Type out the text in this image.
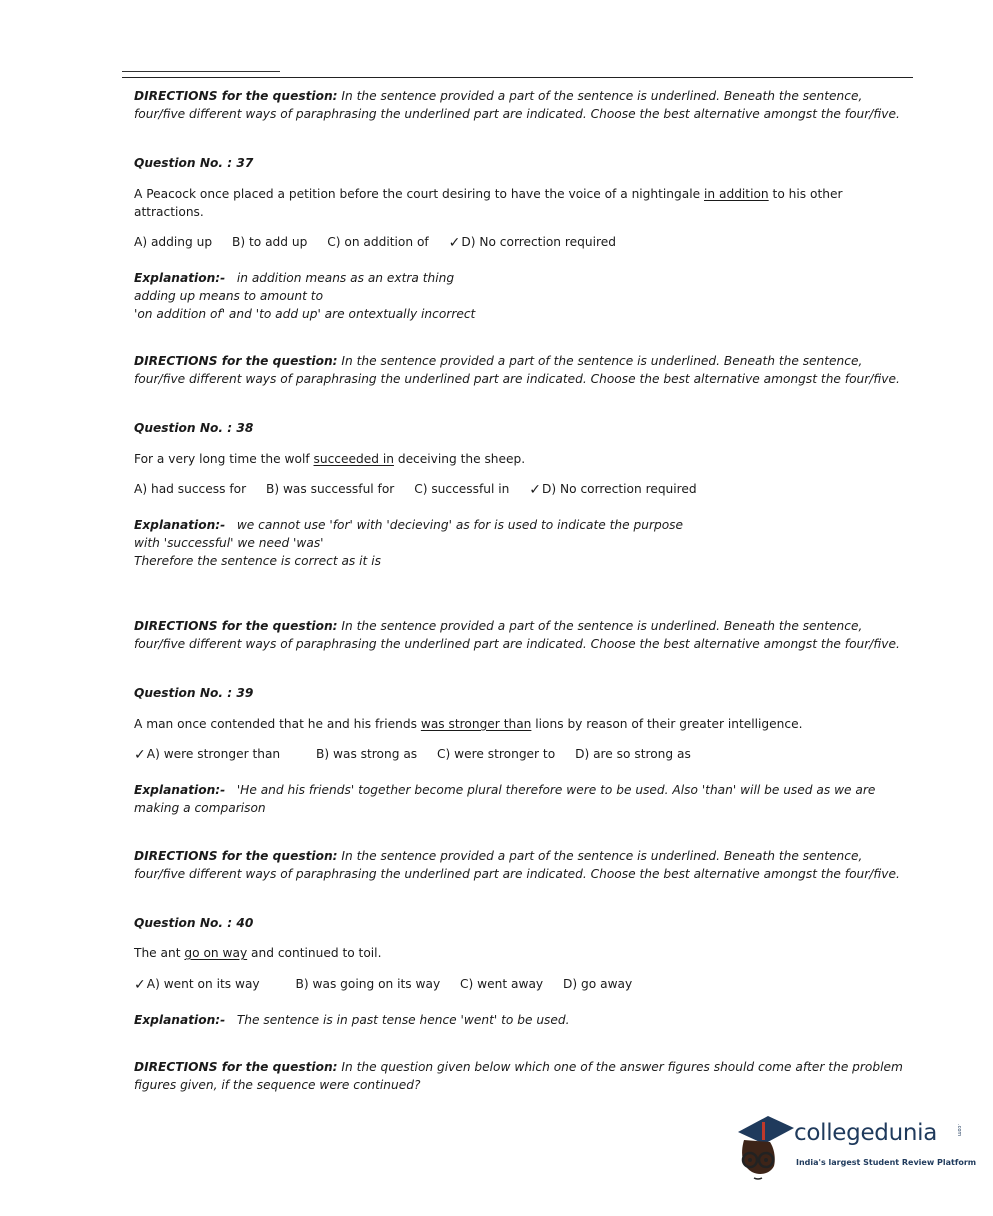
DIRECTIONS for the question: In the sentence provided a part of the sentence is underlined. Beneath the sentence, four/five different ways of paraphrasing the underlined part are indicated. Choose the best alternative amongst the four/five.

Question No. : 37

A Peacock once placed a petition before the court desiring to have the voice of a nightingale in addition to his other attractions.

A) adding up B) to add up C) on addition of ✓D) No correction required

Explanation:- in addition means as an extra thing
adding up means to amount to
'on addition of' and 'to add up' are ontextually incorrect

DIRECTIONS for the question: In the sentence provided a part of the sentence is underlined. Beneath the sentence, four/five different ways of paraphrasing the underlined part are indicated. Choose the best alternative amongst the four/five.

Question No. : 38

For a very long time the wolf succeeded in deceiving the sheep.

A) had success for B) was successful for C) successful in ✓D) No correction required

Explanation:- we cannot use 'for' with 'decieving' as for is used to indicate the purpose
with 'successful' we need 'was'
Therefore the sentence is correct as it is

DIRECTIONS for the question: In the sentence provided a part of the sentence is underlined. Beneath the sentence, four/five different ways of paraphrasing the underlined part are indicated. Choose the best alternative amongst the four/five.

Question No. : 39

A man once contended that he and his friends was stronger than lions by reason of their greater intelligence.

✓A) were stronger than	B) was strong as C) were stronger to D) are so strong as

Explanation:- 'He and his friends' together become plural therefore were to be used. Also 'than' will be used as we are making a comparison

DIRECTIONS for the question: In the sentence provided a part of the sentence is underlined. Beneath the sentence, four/five different ways of paraphrasing the underlined part are indicated. Choose the best alternative amongst the four/five.

Question No. : 40

The ant go on way and continued to toil.

✓A) went on its way	B) was going on its way C) went away D) go away

Explanation:- The sentence is in past tense hence 'went' to be used.

DIRECTIONS for the question: In the question given below which one of the answer figures should come after the problem figures given, if the sequence were continued?

collegedunia	.com
India's largest Student Review Platform
